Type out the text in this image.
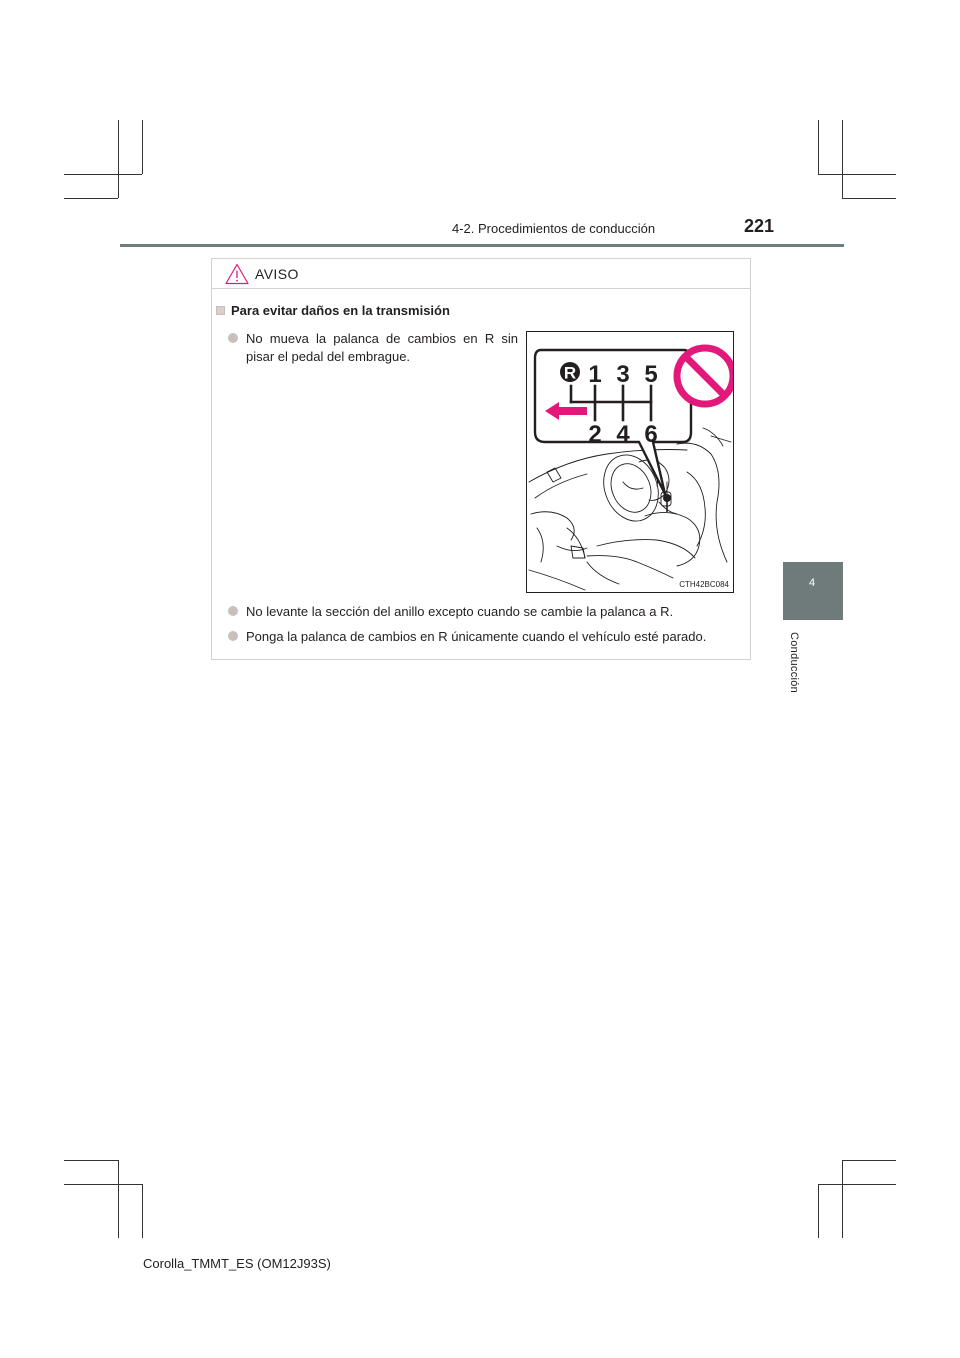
4-2. Procedimientos de conducción	221
4
Conducción
AVISO
Para evitar daños en la transmisión
No mueva la palanca de cambios en R sin pisar el pedal del embrague.
R 1 3 5
2 4 6
CTH42BC084
No levante la sección del anillo excepto cuando se cambie la palanca a R.
Ponga la palanca de cambios en R únicamente cuando el vehículo esté parado.
Corolla_TMMT_ES (OM12J93S)
